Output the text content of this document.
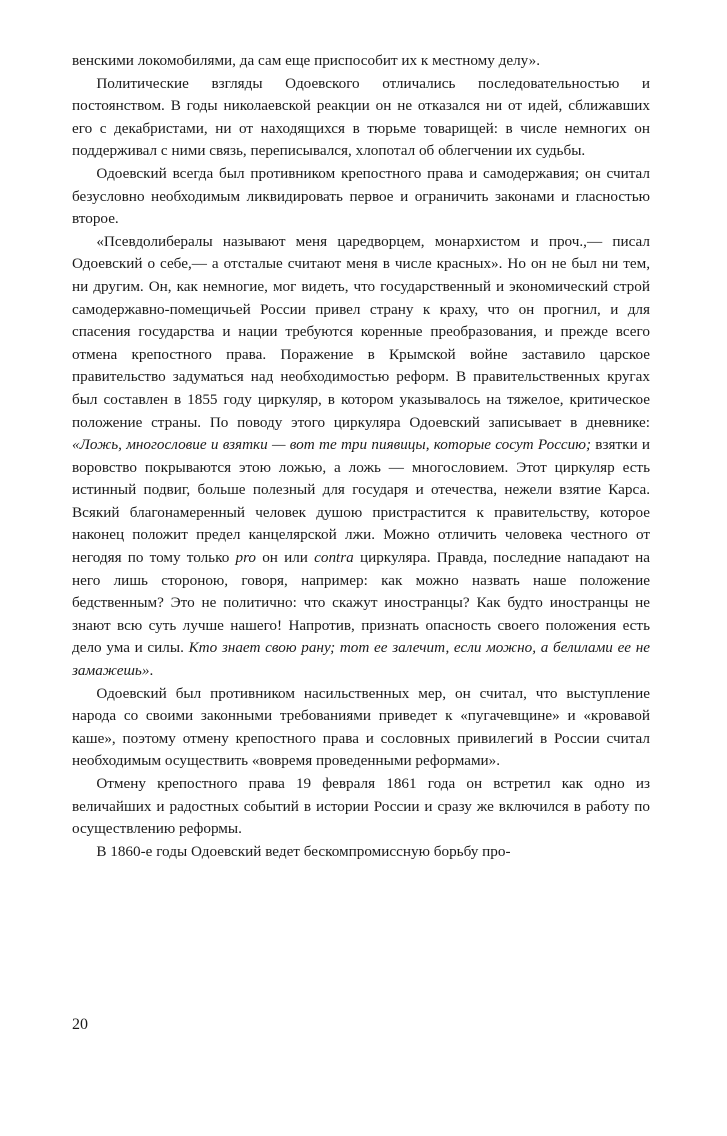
венскими локомобилями, да сам еще приспособит их к местному делу».

Политические взгляды Одоевского отличались последовательностью и постоянством. В годы николаевской реакции он не отказался ни от идей, сближавших его с декабристами, ни от находящихся в тюрьме товарищей: в числе немногих он поддерживал с ними связь, переписывался, хлопотал об облегчении их судьбы.

Одоевский всегда был противником крепостного права и самодержавия; он считал безусловно необходимым ликвидировать первое и ограничить законами и гласностью второе.

«Псевдолибералы называют меня царедворцем, монархистом и проч.,— писал Одоевский о себе,— а отсталые считают меня в числе красных». Но он не был ни тем, ни другим. Он, как немногие, мог видеть, что государственный и экономический строй самодержавно-помещичьей России привел страну к краху, что он прогнил, и для спасения государства и нации требуются коренные преобразования, и прежде всего отмена крепостного права. Поражение в Крымской войне заставило царское правительство задуматься над необходимостью реформ. В правительственных кругах был составлен в 1855 году циркуляр, в котором указывалось на тяжелое, критическое положение страны. По поводу этого циркуляра Одоевский записывает в дневнике: «Ложь, многословие и взятки — вот те три пиявицы, которые сосут Россию; взятки и воровство покрываются этою ложью, а ложь — многословием. Этот циркуляр есть истинный подвиг, больше полезный для государя и отечества, нежели взятие Карса. Всякий благонамеренный человек душою пристрастится к правительству, которое наконец положит предел канцелярской лжи. Можно отличить человека честного от негодяя по тому только pro он или contra циркуляра. Правда, последние нападают на него лишь стороною, говоря, например: как можно назвать наше положение бедственным? Это не политично: что скажут иностранцы? Как будто иностранцы не знают всю суть лучше нашего! Напротив, признать опасность своего положения есть дело ума и силы. Кто знает свою рану; тот ее залечит, если можно, а белилами ее не замажешь».

Одоевский был противником насильственных мер, он считал, что выступление народа со своими законными требованиями приведет к «пугачевщине» и «кровавой каше», поэтому отмену крепостного права и сословных привилегий в России считал необходимым осуществить «вовремя проведенными реформами».

Отмену крепостного права 19 февраля 1861 года он встретил как одно из величайших и радостных событий в истории России и сразу же включился в работу по осуществлению реформы.

В 1860-е годы Одоевский ведет бескомпромиссную борьбу про-

20
